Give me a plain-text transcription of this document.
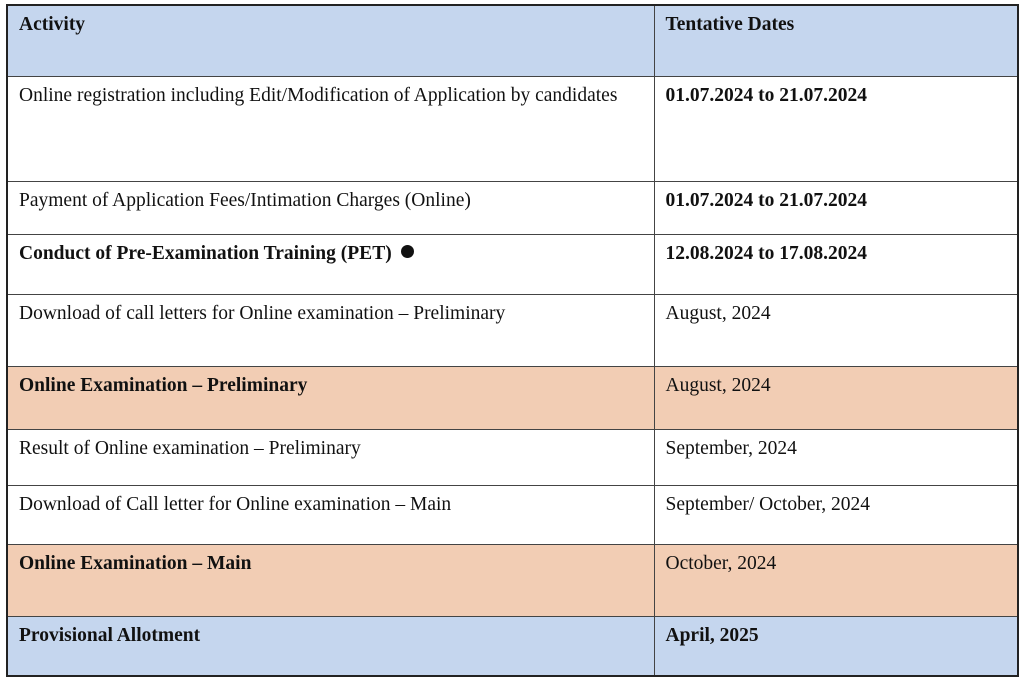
Activity	Tentative Dates
Online registration including Edit/Modification of Application by candidates	01.07.2024 to 21.07.2024
Payment of Application Fees/Intimation Charges (Online)	01.07.2024 to 21.07.2024
Conduct of Pre-Examination Training (PET)	12.08.2024 to 17.08.2024
Download of call letters for Online examination – Preliminary	August, 2024
Online Examination – Preliminary	August, 2024
Result of Online examination – Preliminary	September, 2024
Download of Call letter for Online examination – Main	September/ October, 2024
Online Examination – Main	October, 2024
Provisional Allotment	April, 2025
